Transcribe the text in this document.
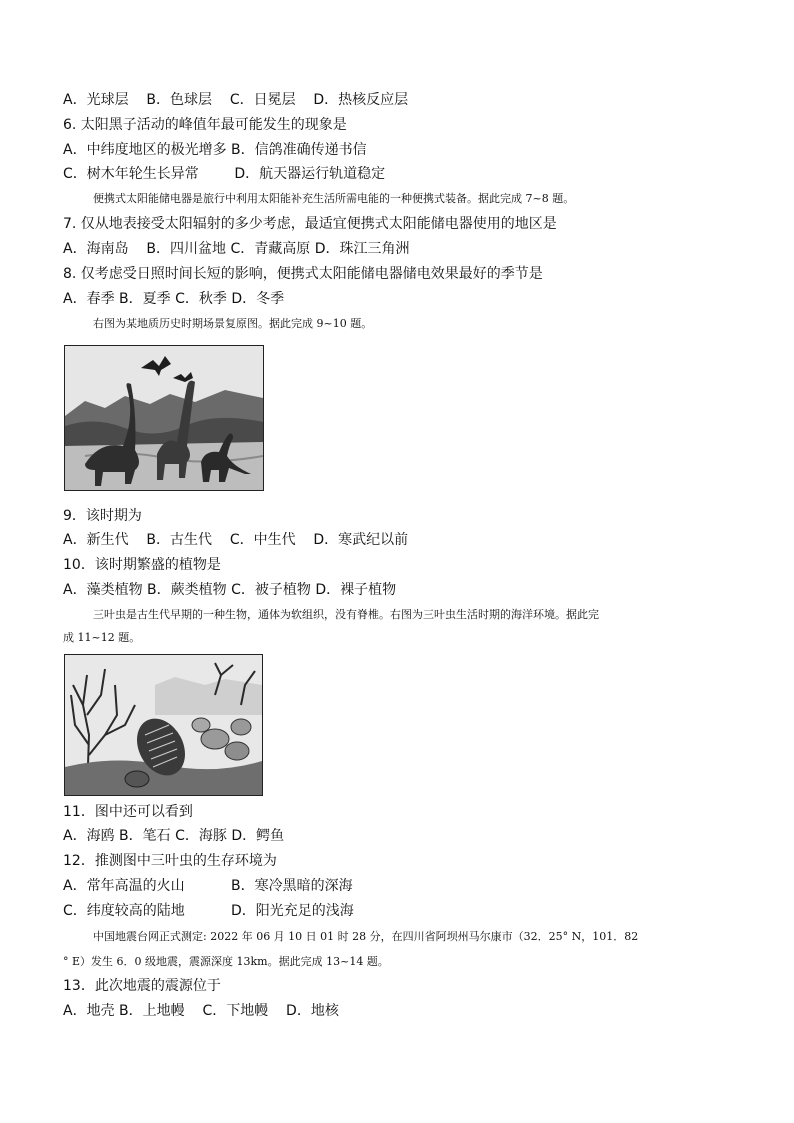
A．光球层 B．色球层 C．日冕层 D．热核反应层
6. 太阳黑子活动的峰值年最可能发生的现象是
A．中纬度地区的极光增多 B．信鸽准确传递书信
C．树木年轮生长异常	D．航天器运行轨道稳定
便携式太阳能储电器是旅行中利用太阳能补充生活所需电能的一种便携式装备。据此完成 7~8 题。
7. 仅从地表接受太阳辐射的多少考虑，最适宜便携式太阳能储电器使用的地区是
A．海南岛 B．四川盆地 C．青藏高原 D．珠江三角洲
8. 仅考虑受日照时间长短的影响，便携式太阳能储电器储电效果最好的季节是
A．春季 B．夏季 C．秋季 D．冬季
右图为某地质历史时期场景复原图。据此完成 9~10 题。
9．该时期为
A．新生代 B．古生代 C．中生代 D．寒武纪以前
10．该时期繁盛的植物是
A．藻类植物 B．蕨类植物 C．被子植物 D．裸子植物
三叶虫是古生代早期的一种生物，通体为软组织，没有脊椎。右图为三叶虫生活时期的海洋环境。据此完
成 11~12 题。
11．图中还可以看到
A．海鸥 B．笔石 C．海豚 D．鳄鱼
12．推测图中三叶虫的生存环境为
A．常年高温的火山	B．寒冷黑暗的深海
C．纬度较高的陆地	D．阳光充足的浅海
中国地震台网正式测定: 2022 年 06 月 10 日 01 时 28 分，在四川省阿坝州马尔康市（32．25° N，101．82
° E）发生 6．0 级地震，震源深度 13km。据此完成 13~14 题。
13．此次地震的震源位于
A．地壳 B．上地幔 C．下地幔 D．地核
